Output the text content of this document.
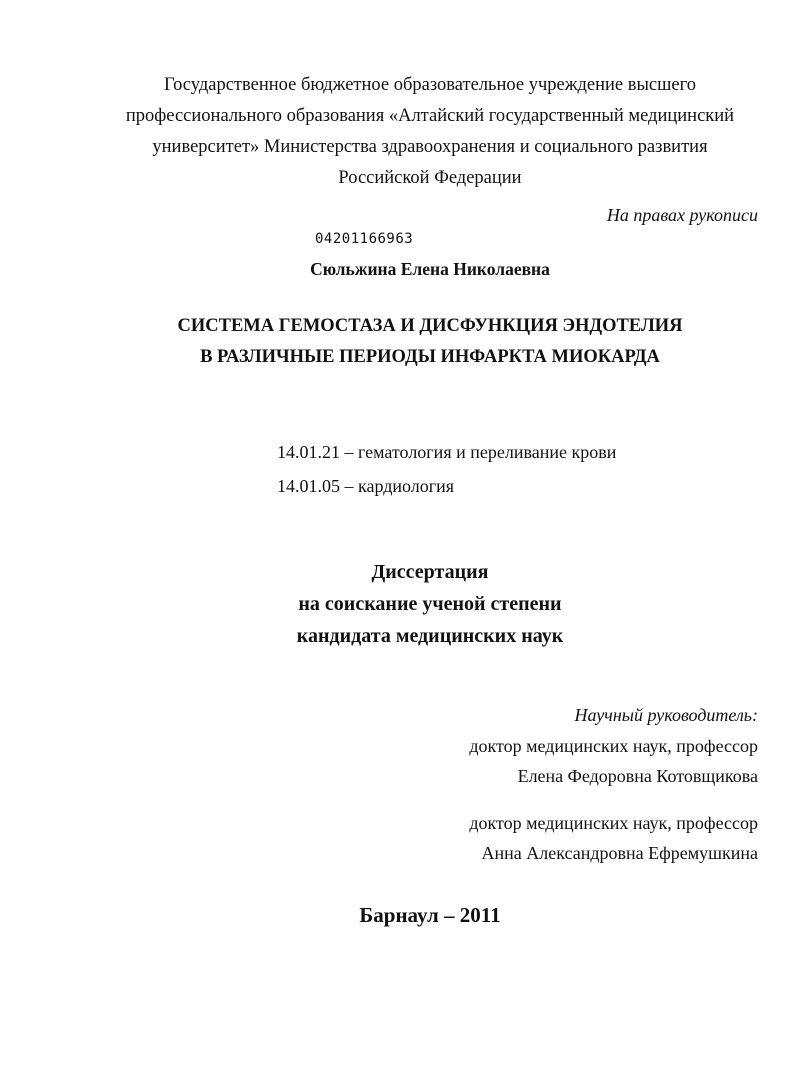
Государственное бюджетное образовательное учреждение высшего
профессионального образования «Алтайский государственный медицинский
университет» Министерства здравоохранения и социального развития
Российской Федерации
На правах рукописи
04201166963
Сюльжина Елена Николаевна
СИСТЕМА ГЕМОСТАЗА И ДИСФУНКЦИЯ ЭНДОТЕЛИЯ
В РАЗЛИЧНЫЕ ПЕРИОДЫ ИНФАРКТА МИОКАРДА
14.01.21 – гематология и переливание крови
14.01.05 – кардиология
Диссертация
на соискание ученой степени
кандидата медицинских наук
Научный руководитель:
доктор медицинских наук, профессор
Елена Федоровна Котовщикова
доктор медицинских наук, профессор
Анна Александровна Ефремушкина
Барнаул – 2011
